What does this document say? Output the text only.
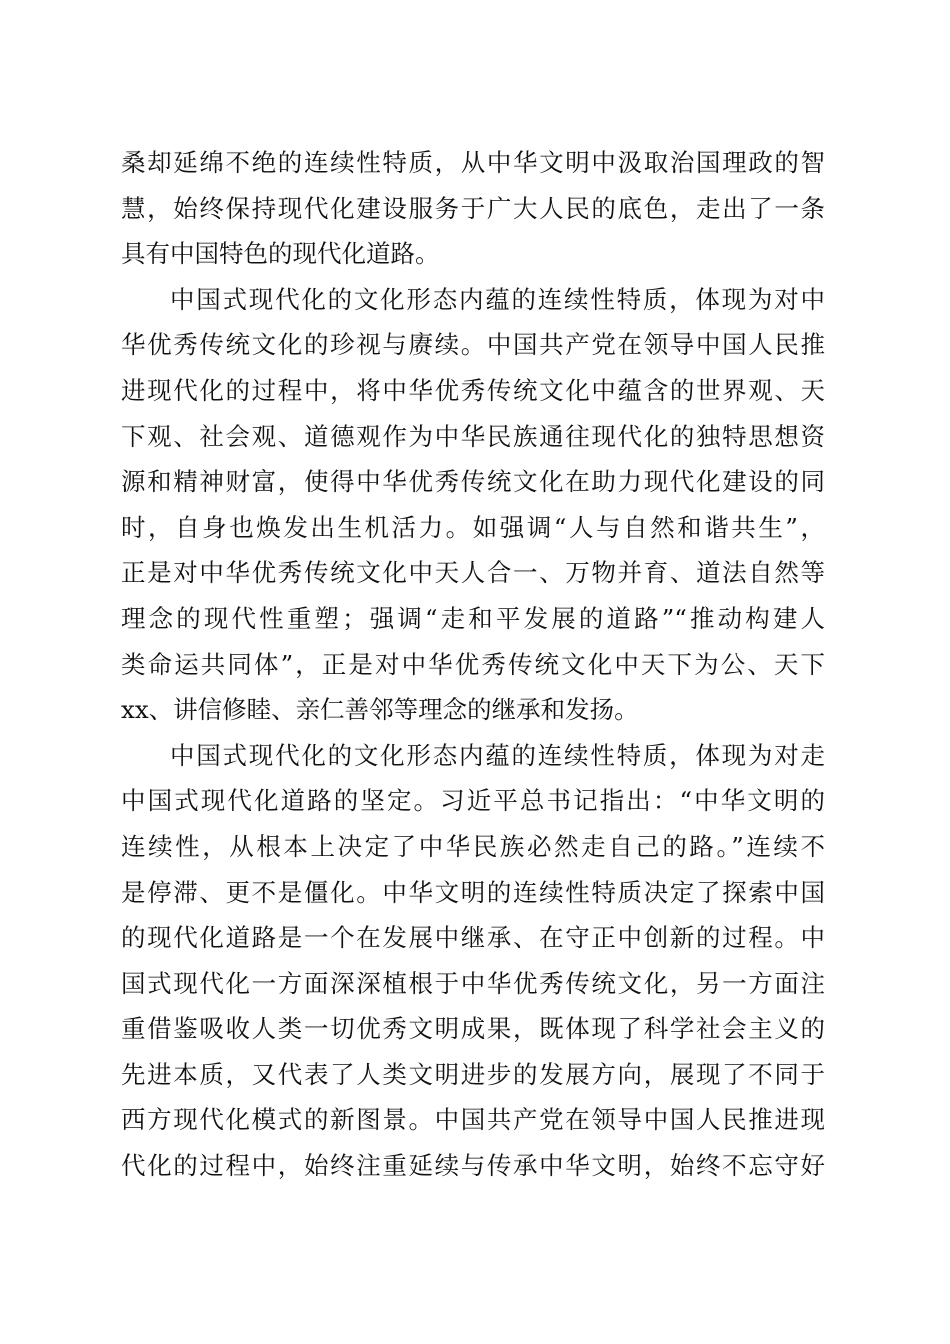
桑却延绵不绝的连续性特质，从中华文明中汲取治国理政的智
慧，始终保持现代化建设服务于广大人民的底色，走出了一条
具有中国特色的现代化道路。
中国式现代化的文化形态内蕴的连续性特质，体现为对中
华优秀传统文化的珍视与赓续。中国共产党在领导中国人民推
进现代化的过程中，将中华优秀传统文化中蕴含的世界观、天
下观、社会观、道德观作为中华民族通往现代化的独特思想资
源和精神财富，使得中华优秀传统文化在助力现代化建设的同
时，自身也焕发出生机活力。如强调“人与自然和谐共生”，
正是对中华优秀传统文化中天人合一、万物并育、道法自然等
理念的现代性重塑；强调“走和平发展的道路”“推动构建人
类命运共同体”，正是对中华优秀传统文化中天下为公、天下
xx、讲信修睦、亲仁善邻等理念的继承和发扬。
中国式现代化的文化形态内蕴的连续性特质，体现为对走
中国式现代化道路的坚定。习近平总书记指出：“中华文明的
连续性，从根本上决定了中华民族必然走自己的路。”连续不
是停滞、更不是僵化。中华文明的连续性特质决定了探索中国
的现代化道路是一个在发展中继承、在守正中创新的过程。中
国式现代化一方面深深植根于中华优秀传统文化，另一方面注
重借鉴吸收人类一切优秀文明成果，既体现了科学社会主义的
先进本质，又代表了人类文明进步的发展方向，展现了不同于
西方现代化模式的新图景。中国共产党在领导中国人民推进现
代化的过程中，始终注重延续与传承中华文明，始终不忘守好
